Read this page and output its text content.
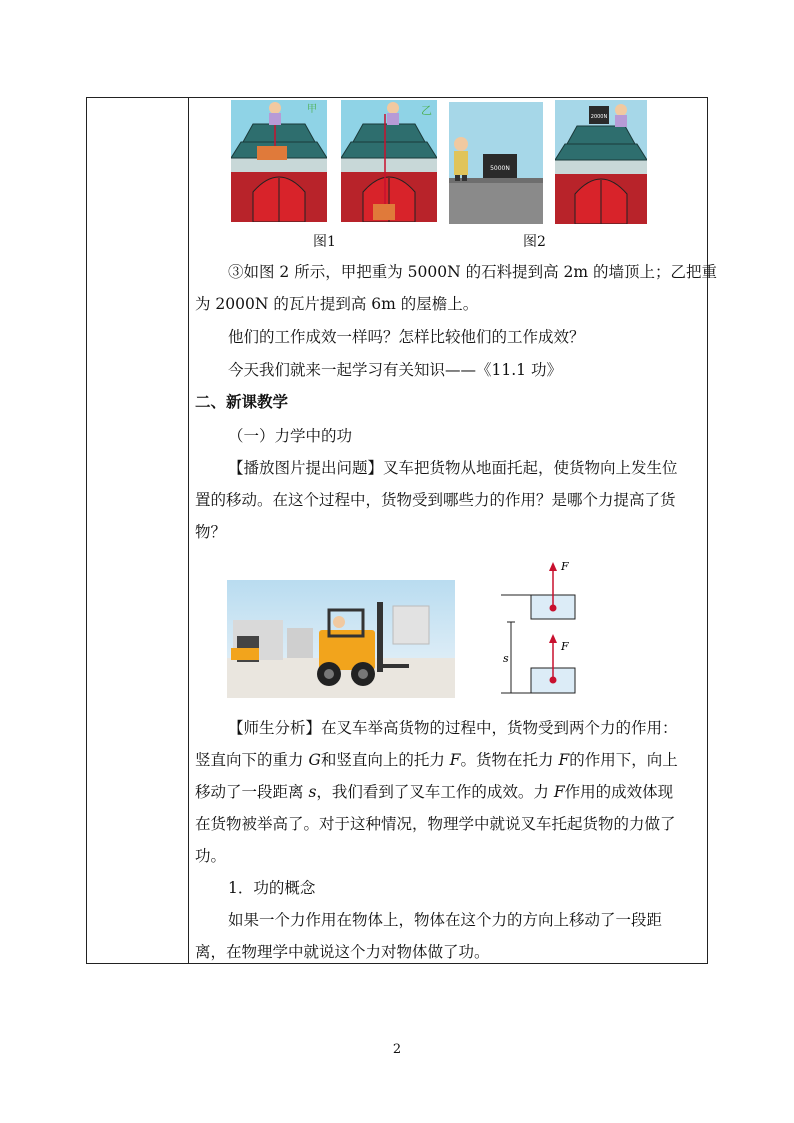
甲	乙
5000N
2000N
图1	图2
③如图 2 所示，甲把重为 5000N 的石料提到高 2m 的墙顶上；乙把重
为 2000N 的瓦片提到高 6m 的屋檐上。
他们的工作成效一样吗？怎样比较他们的工作成效？
今天我们就来一起学习有关知识——《11.1 功》
二、新课教学
（一）力学中的功
【播放图片提出问题】叉车把货物从地面托起，使货物向上发生位
置的移动。在这个过程中，货物受到哪些力的作用？是哪个力提高了货
物？
F
F
s
【师生分析】在叉车举高货物的过程中，货物受到两个力的作用：
竖直向下的重力 G和竖直向上的托力 F。货物在托力 F的作用下，向上
移动了一段距离 s，我们看到了叉车工作的成效。力 F作用的成效体现
在货物被举高了。对于这种情况，物理学中就说叉车托起货物的力做了
功。
1．功的概念
如果一个力作用在物体上，物体在这个力的方向上移动了一段距
离，在物理学中就说这个力对物体做了功。
2
